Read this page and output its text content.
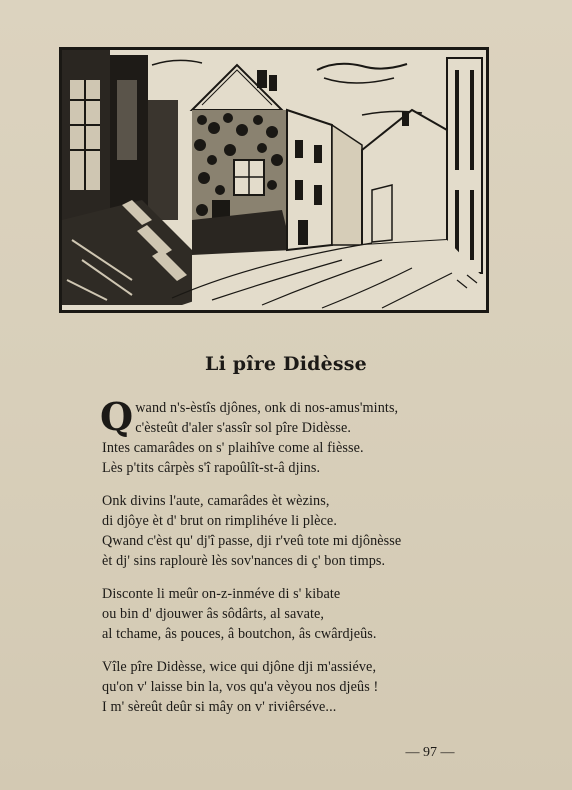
Li pîre Didèsse
Qwand n's-èstîs djônes, onk di nos-amus'mints,
c'èsteût d'aler s'assîr sol pîre Didèsse.
Intes camarâdes on s' plaihîve come al fièsse.
Lès p'tits cârpès s'î rapoûlît-st-â djins.
Onk divins l'aute, camarâdes èt wèzins,
di djôye èt d' brut on rimplihéve li plèce.
Qwand c'èst qu' dj'î passe, dji r'veû tote mi djônèsse
èt dj' sins raplourè lès sov'nances di ç' bon timps.
Disconte li meûr on-z-inméve di s' kibate
ou bin d' djouwer âs sôdârts, al savate,
al tchame, âs pouces, â boutchon, âs cwârdjeûs.
Vîle pîre Didèsse, wice qui djône dji m'assiéve,
qu'on v' laisse bin la, vos qu'a vèyou nos djeûs !
I m' sèreût deûr si mây on v' riviêrséve...
— 97 —
